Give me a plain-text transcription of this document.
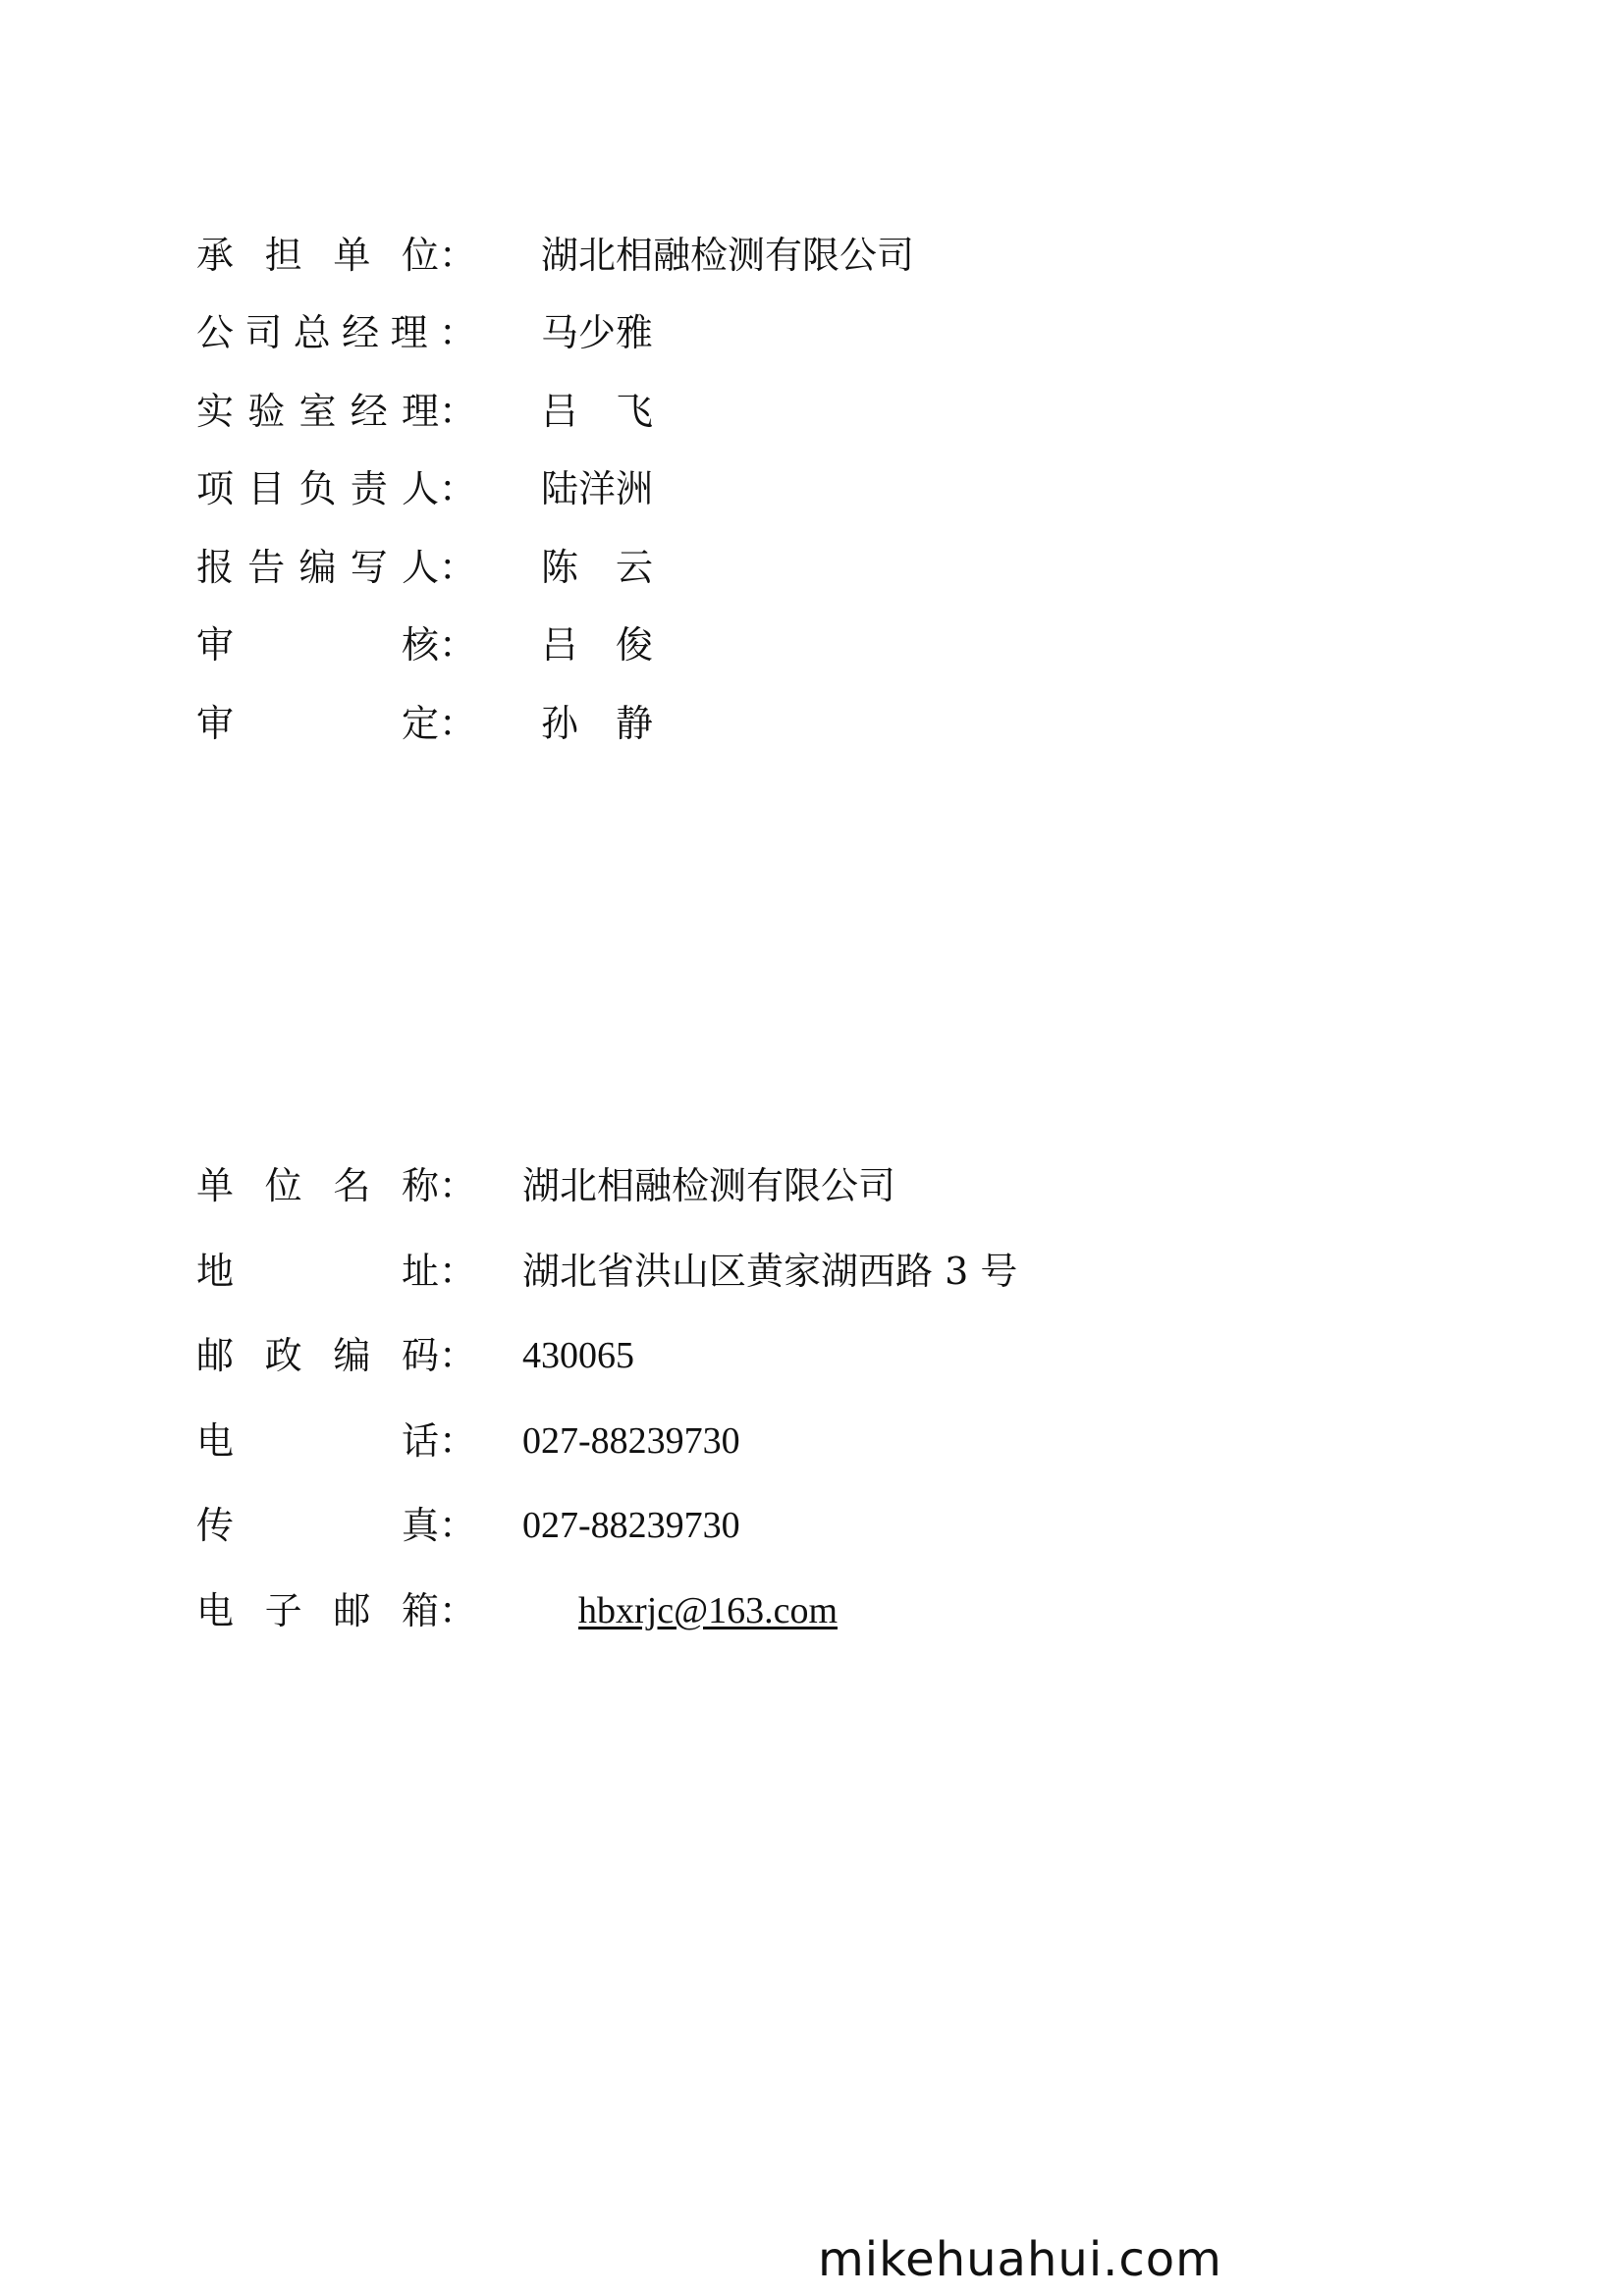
承 担 单 位： 湖北相融检测有限公司
公 司 总 经 理 ： 马少雅
实 验 室 经 理： 吕　飞
项 目 负 责 人： 陆洋洲
报 告 编 写 人： 陈　云
审	核： 吕　俊
审	定： 孙　静
单 位 名 称： 湖北相融检测有限公司
地	址： 湖北省洪山区黄家湖西路 3 号
邮 政 编 码： 430065
电	话： 027-88239730
传	真： 027-88239730
电 子 邮 箱：	hbxrjc@163.com

mikehuahui.com
